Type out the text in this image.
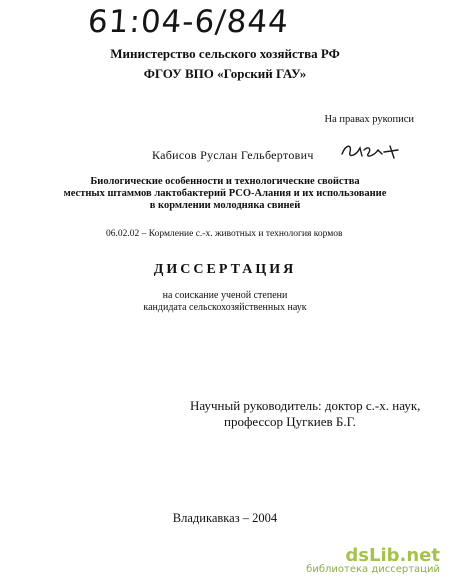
61:04-6/844
Министерство сельского хозяйства РФ
ФГОУ ВПО «Горский ГАУ»
На правах рукописи
Кабисов Руслан Гельбертович
Биологические особенности и технологические свойства
местных штаммов лактобактерий РСО-Алания и их использование
в кормлении молодняка свиней
06.02.02 – Кормление с.-х. животных и технология кормов
ДИССЕРТАЦИЯ
на соискание ученой степени
кандидата сельскохозяйственных наук
Научный руководитель: доктор с.-х. наук,
профессор Цугкиев Б.Г.
Владикавказ – 2004
dsLib.net
библиотека диссертаций
